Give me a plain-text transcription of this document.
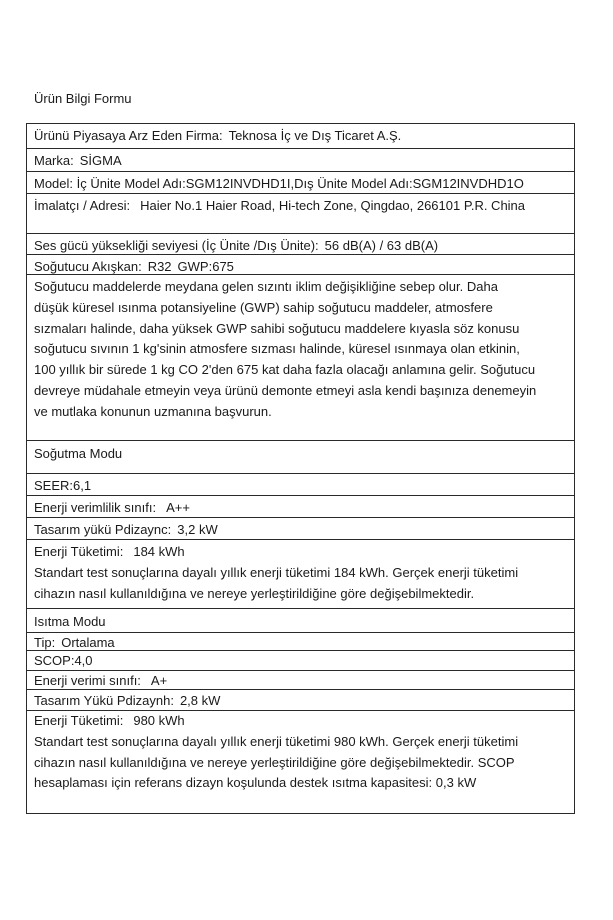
Ürün Bilgi Formu
Ürünü Piyasaya Arz Eden Firma: Teknosa İç ve Dış Ticaret A.Ş.
Marka: SİGMA
Model: İç Ünite Model Adı:SGM12INVDHD1I,Dış Ünite Model Adı:SGM12INVDHD1O
İmalatçı / Adresi: Haier No.1 Haier Road, Hi-tech Zone, Qingdao, 266101 P.R. China
Ses gücü yüksekliği seviyesi (İç Ünite /Dış Ünite): 56 dB(A) / 63 dB(A)
Soğutucu Akışkan: R32 GWP:675
Soğutucu maddelerde meydana gelen sızıntı iklim değişikliğine sebep olur. Daha
düşük küresel ısınma potansiyeline (GWP) sahip soğutucu maddeler, atmosfere
sızmaları halinde, daha yüksek GWP sahibi soğutucu maddelere kıyasla söz konusu
soğutucu sıvının 1 kg'sinin atmosfere sızması halinde, küresel ısınmaya olan etkinin,
100 yıllık bir sürede 1 kg CO 2'den 675 kat daha fazla olacağı anlamına gelir. Soğutucu
devreye müdahale etmeyin veya ürünü demonte etmeyi asla kendi başınıza denemeyin
ve mutlaka konunun uzmanına başvurun.
Soğutma Modu
SEER:6,1
Enerji verimlilik sınıfı: A++
Tasarım yükü Pdizaync: 3,2 kW
Enerji Tüketimi: 184 kWh
Standart test sonuçlarına dayalı yıllık enerji tüketimi 184 kWh. Gerçek enerji tüketimi
cihazın nasıl kullanıldığına ve nereye yerleştirildiğine göre değişebilmektedir.
Isıtma Modu
Tip: Ortalama
SCOP:4,0
Enerji verimi sınıfı: A+
Tasarım Yükü Pdizaynh: 2,8 kW
Enerji Tüketimi: 980 kWh
Standart test sonuçlarına dayalı yıllık enerji tüketimi 980 kWh. Gerçek enerji tüketimi
cihazın nasıl kullanıldığına ve nereye yerleştirildiğine göre değişebilmektedir. SCOP
hesaplaması için referans dizayn koşulunda destek ısıtma kapasitesi: 0,3 kW
